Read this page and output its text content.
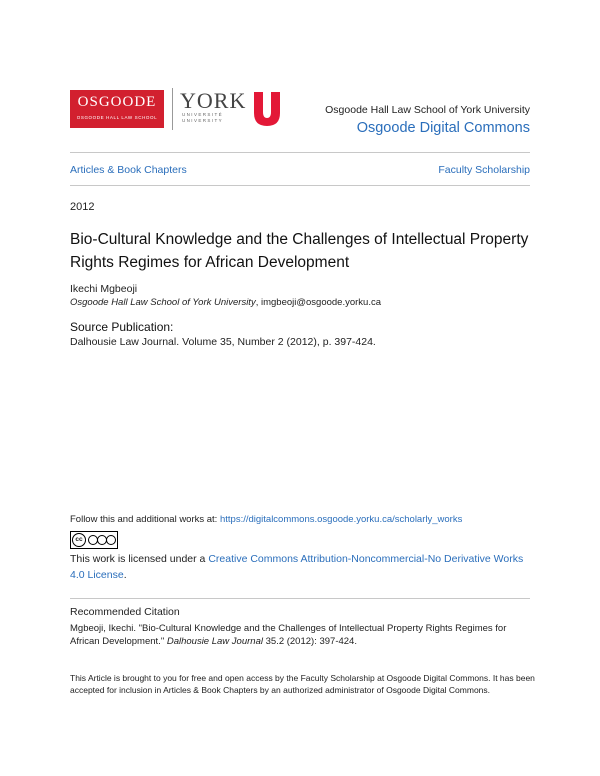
OSGOODE
OSGOODE HALL LAW SCHOOL
YORK
UNIVERSITÉ UNIVERSITY
Osgoode Hall Law School of York University
Osgoode Digital Commons
Articles & Book Chapters	Faculty Scholarship
2012
Bio-Cultural Knowledge and the Challenges of Intellectual Property Rights Regimes for African Development
Ikechi Mgbeoji
Osgoode Hall Law School of York University, imgbeoji@osgoode.yorku.ca
Source Publication:
Dalhousie Law Journal. Volume 35, Number 2 (2012), p. 397-424.
Follow this and additional works at: https://digitalcommons.osgoode.yorku.ca/scholarly_works
cc
This work is licensed under a Creative Commons Attribution-Noncommercial-No Derivative Works 4.0 License.
Recommended Citation
Mgbeoji, Ikechi. "Bio-Cultural Knowledge and the Challenges of Intellectual Property Rights Regimes for African Development." Dalhousie Law Journal 35.2 (2012): 397-424.
This Article is brought to you for free and open access by the Faculty Scholarship at Osgoode Digital Commons. It has been accepted for inclusion in Articles & Book Chapters by an authorized administrator of Osgoode Digital Commons.
